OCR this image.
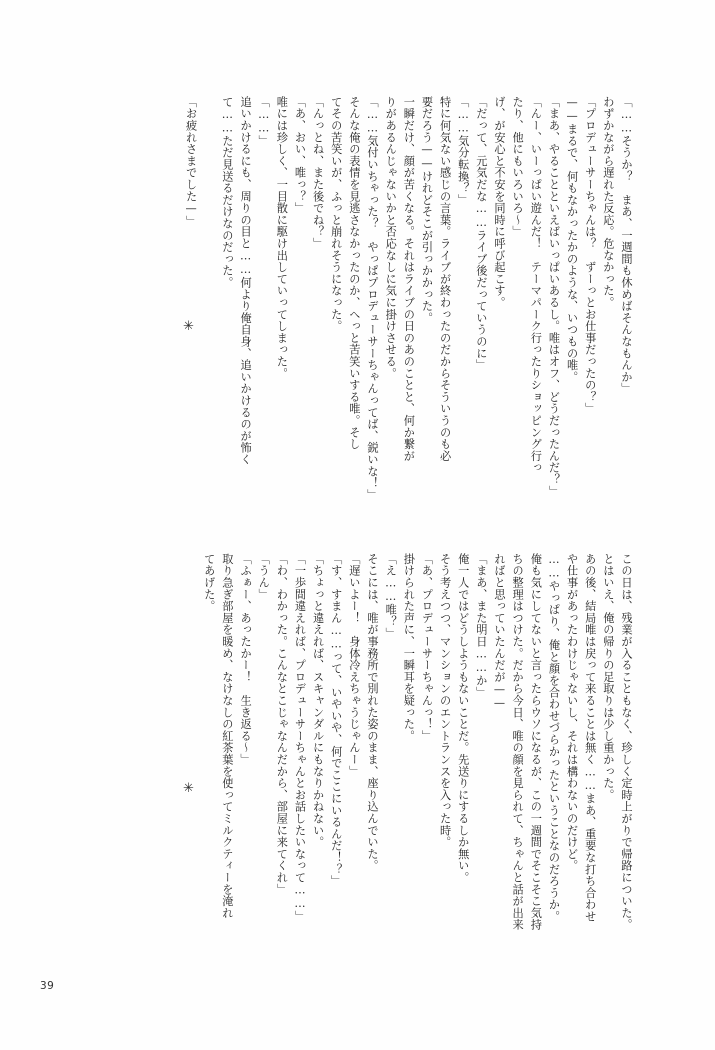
「……そうか？　まあ、一週間も休めばそんなもんか」

わずかながら遅れた反応。危なかった。

「プロデューサーちゃんは？　ずーっとお仕事だったの？」

——まるで、何もなかったかのような、いつもの唯。

「まあ、やることといえばいっぱいあるし。唯はオフ、どうだったんだ？」

「んー、いーっぱい遊んだ！　テーマパーク行ったりショッピング行っ

たり、他にもいろいろ〜」

げ、が安心と不安を同時に呼び起こす。

「だって、元気だな……ライブ後だっていうのに」

「……気分転換？」

特に何気ない感じの言葉。ライブが終わったのだからそういうのも必

要だろう——けれどそこが引っかかった。

一瞬だけ、顔が苦くなる。それはライブの日のあのことと、何か繋が

りがあるんじゃないかと否応なしに気に掛けさせる。

「……気付いちゃった？　やっぱプロデューサーちゃんってば、鋭いな！」

そんな俺の表情を見逃さなかったのか、へっと苦笑いする唯。そし

てその苦笑いが、ふっと崩れそうになった。

「んっとね、また後でね？」

「あ、おい、唯っ？」

唯には珍しく、一目散に駆け出していってしまった。

「……」

追いかけるにも、周りの目と……何より俺自身、追いかけるのが怖く

て……ただ見送るだけなのだった。

「お疲れさまでした—」

✳

この日は、残業が入ることもなく、珍しく定時上がりで帰路についた。

とはいえ、俺の帰りの足取りは少し重かった。

あの後、結局唯は戻って来ることは無く……まあ、重要な打ち合わせ

や仕事があったわけじゃないし、それは構わないのだけど。

……やっぱり、俺と顔を合わせづらかったということなのだろうか。

俺も気にしてないと言ったらウソになるが、この一週間でそこそこ気持

ちの整理はつけた。だから今日、唯の顔を見られて、ちゃんと話が出来

ればと思っていたんだが——

「まあ、また明日……か」

俺一人ではどうしようもないことだ。先送りにするしか無い。

そう考えつつ、マンションのエントランスを入った時。

「あ、プロデューサーちゃんっ！」

掛けられた声に、一瞬耳を疑った。

「え……唯？」

そこには、唯が事務所で別れた姿のまま、座り込んでいた。

「遅いよー！　身体冷えちゃうじゃんー」

「す、すまん……って、いやいや、何でここにいるんだ！？」

「ちょっと違えれば、スキャンダルにもなりかねない。

「一歩間違えれば、プロデューサーちゃんとお話したいなって……」

「わ、わかった。こんなとこじゃなんだから、部屋に来てくれ」

「うん」

「ふぁー、あったかー！　生き返る〜」

取り急ぎ部屋を暖め、なけなしの紅茶葉を使ってミルクティーを淹れ

てあげた。

✳
39
